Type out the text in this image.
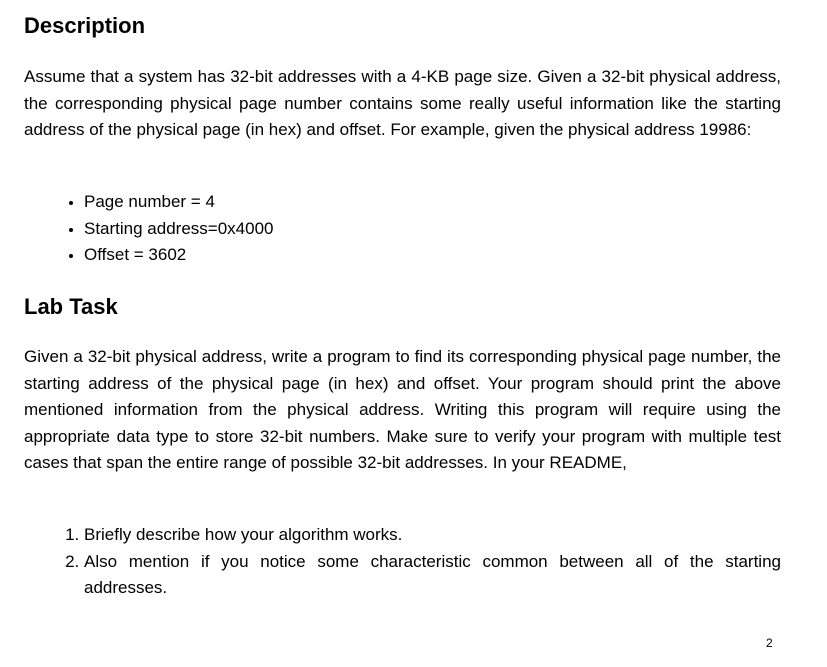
Description
Assume that a system has 32-bit addresses with a 4-KB page size. Given a 32-bit physical address, the corresponding physical page number contains some really useful information like the starting address of the physical page (in hex) and offset. For example, given the physical address 19986:
• Page number = 4
• Starting address=0x4000
• Offset = 3602
Lab Task
Given a 32-bit physical address, write a program to find its corresponding physical page number, the starting address of the physical page (in hex) and offset. Your program should print the above mentioned information from the physical address. Writing this program will require using the appropriate data type to store 32-bit numbers. Make sure to verify your program with multiple test cases that span the entire range of possible 32-bit addresses. In your README,
1. Briefly describe how your algorithm works.
2. Also mention if you notice some characteristic common between all of the starting addresses.
2
